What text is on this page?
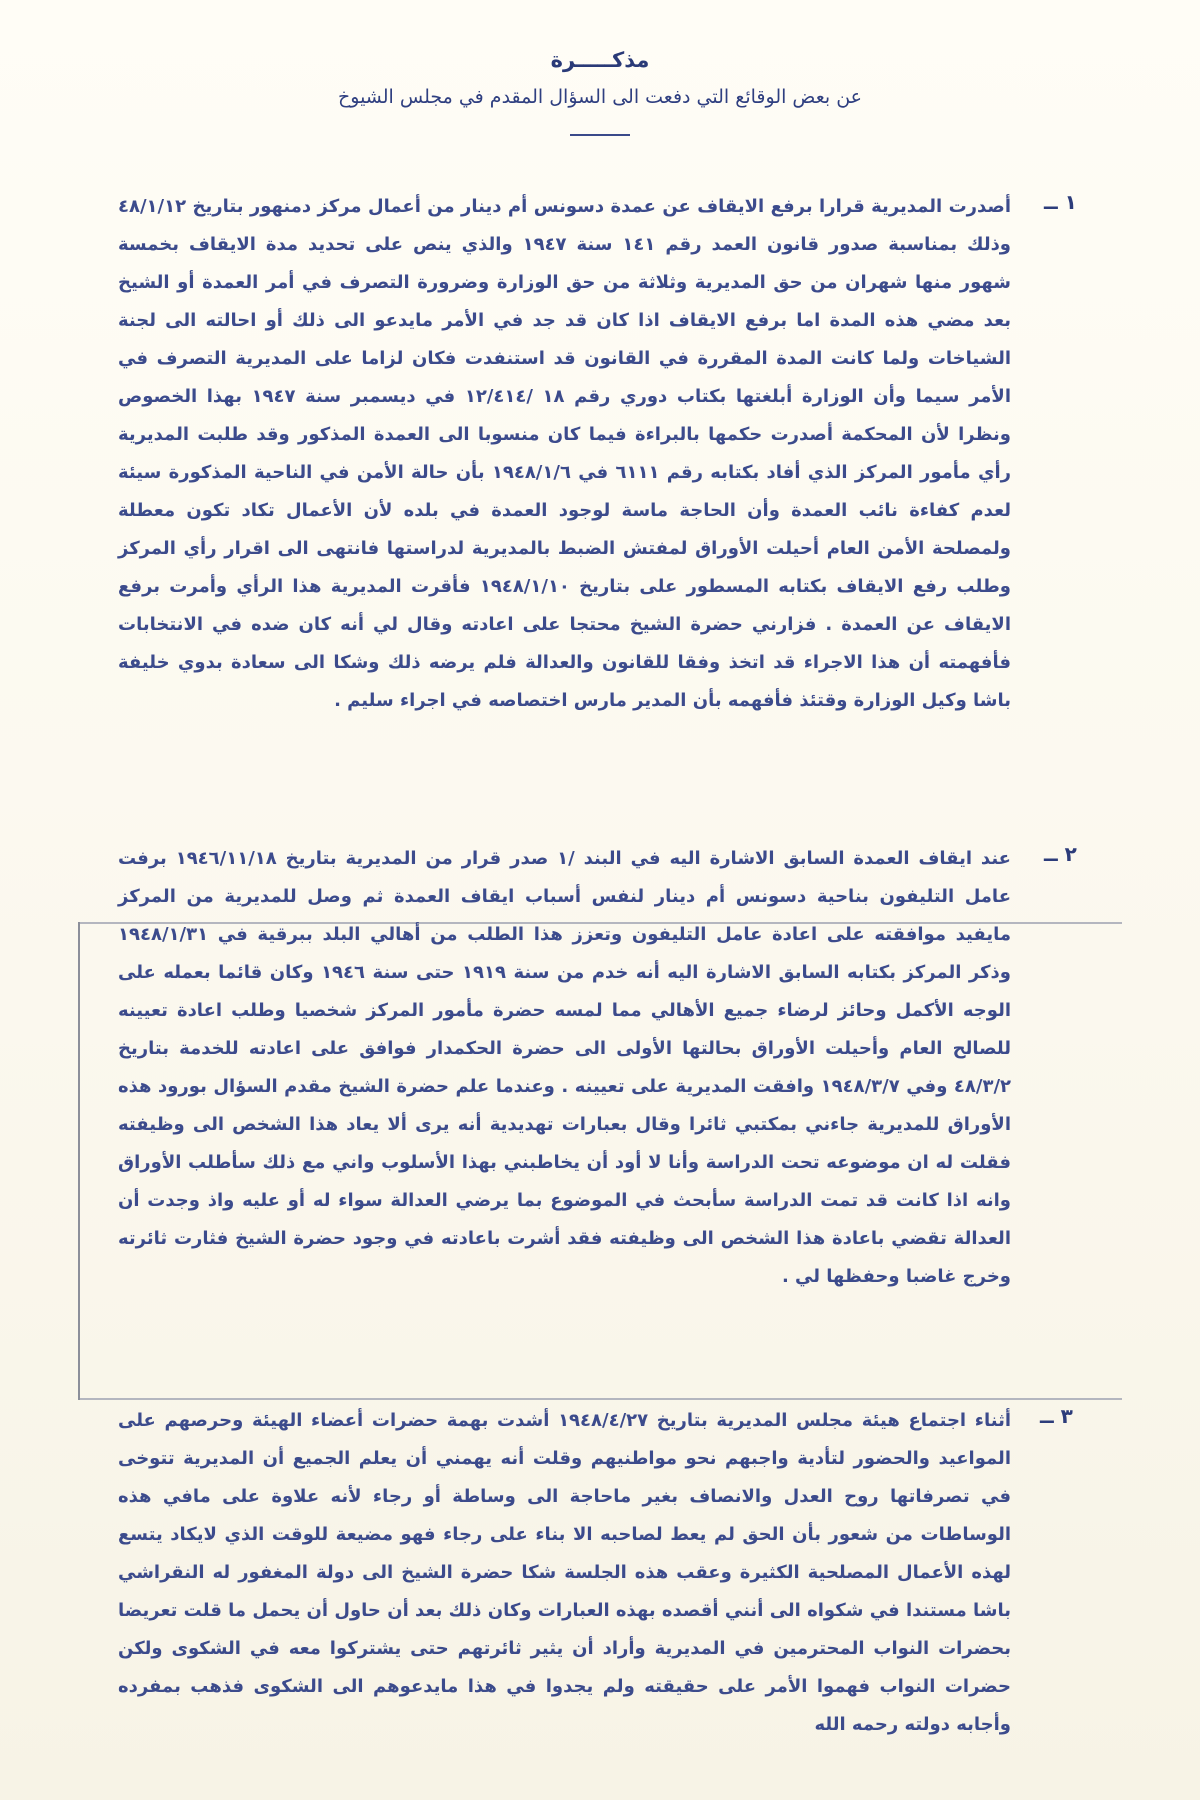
مذكـــــرة
عن بعض الوقائع التي دفعت الى السؤال المقدم في مجلس الشيوخ
١ ــ
أصدرت المديرية قرارا برفع الايقاف عن عمدة دسونس أم دينار من أعمال مركز دمنهور بتاريخ ٤٨/١/١٢ وذلك بمناسبة صدور قانون العمد رقم ١٤١ سنة ١٩٤٧ والذي ينص على تحديد مدة الايقاف بخمسة شهور منها شهران من حق المديرية وثلاثة من حق الوزارة وضرورة التصرف في أمر العمدة أو الشيخ بعد مضي هذه المدة اما برفع الايقاف اذا كان قد جد في الأمر مايدعو الى ذلك أو احالته الى لجنة الشياخات ولما كانت المدة المقررة في القانون قد استنفدت فكان لزاما على المديرية التصرف في الأمر سيما وأن الوزارة أبلغتها بكتاب دوري رقم ١٨ /١٢/٤١٤ في ديسمبر سنة ١٩٤٧ بهذا الخصوص ونظرا لأن المحكمة أصدرت حكمها بالبراءة فيما كان منسوبا الى العمدة المذكور وقد طلبت المديرية رأي مأمور المركز الذي أفاد بكتابه رقم ٦١١١ في ١٩٤٨/١/٦ بأن حالة الأمن في الناحية المذكورة سيئة لعدم كفاءة نائب العمدة وأن الحاجة ماسة لوجود العمدة في بلده لأن الأعمال تكاد تكون معطلة ولمصلحة الأمن العام أحيلت الأوراق لمفتش الضبط بالمديرية لدراستها فانتهى الى اقرار رأي المركز وطلب رفع الايقاف بكتابه المسطور على بتاريخ ١٩٤٨/١/١٠ فأقرت المديرية هذا الرأي وأمرت برفع الايقاف عن العمدة . فزارني حضرة الشيخ محتجا على اعادته وقال لي أنه كان ضده في الانتخابات فأفهمته أن هذا الاجراء قد اتخذ وفقا للقانون والعدالة فلم يرضه ذلك وشكا الى سعادة بدوي خليفة باشا وكيل الوزارة وقتئذ فأفهمه بأن المدير مارس اختصاصه في اجراء سليم .
٢ ــ
عند ايقاف العمدة السابق الاشارة اليه في البند /١ صدر قرار من المديرية بتاريخ ١٩٤٦/١١/١٨ برفت عامل التليفون بناحية دسونس أم دينار لنفس أسباب ايقاف العمدة ثم وصل للمديرية من المركز مايفيد موافقته على اعادة عامل التليفون وتعزز هذا الطلب من أهالي البلد ببرقية في ١٩٤٨/١/٣١ وذكر المركز بكتابه السابق الاشارة اليه أنه خدم من سنة ١٩١٩ حتى سنة ١٩٤٦ وكان قائما بعمله على الوجه الأكمل وحائز لرضاء جميع الأهالي مما لمسه حضرة مأمور المركز شخصيا وطلب اعادة تعيينه للصالح العام وأحيلت الأوراق بحالتها الأولى الى حضرة الحكمدار فوافق على اعادته للخدمة بتاريخ ٤٨/٣/٢ وفي ١٩٤٨/٣/٧ وافقت المديرية على تعيينه . وعندما علم حضرة الشيخ مقدم السؤال بورود هذه الأوراق للمديرية جاءني بمكتبي ثائرا وقال بعبارات تهديدية أنه يرى ألا يعاد هذا الشخص الى وظيفته فقلت له ان موضوعه تحت الدراسة وأنا لا أود أن يخاطبني بهذا الأسلوب واني مع ذلك سأطلب الأوراق وانه اذا كانت قد تمت الدراسة سأبحث في الموضوع بما يرضي العدالة سواء له أو عليه واذ وجدت أن العدالة تقضي باعادة هذا الشخص الى وظيفته فقد أشرت باعادته في وجود حضرة الشيخ فثارت ثائرته وخرج غاضبا وحفظها لي .
٣ ــ
أثناء اجتماع هيئة مجلس المديرية بتاريخ ١٩٤٨/٤/٢٧ أشدت بهمة حضرات أعضاء الهيئة وحرصهم على المواعيد والحضور لتأدية واجبهم نحو مواطنيهم وقلت أنه يهمني أن يعلم الجميع أن المديرية تتوخى في تصرفاتها روح العدل والانصاف بغير ماحاجة الى وساطة أو رجاء لأنه علاوة على مافي هذه الوساطات من شعور بأن الحق لم يعط لصاحبه الا بناء على رجاء فهو مضيعة للوقت الذي لايكاد يتسع لهذه الأعمال المصلحية الكثيرة وعقب هذه الجلسة شكا حضرة الشيخ الى دولة المغفور له النقراشي باشا مستندا في شكواه الى أنني أقصده بهذه العبارات وكان ذلك بعد أن حاول أن يحمل ما قلت تعريضا بحضرات النواب المحترمين في المديرية وأراد أن يثير ثائرتهم حتى يشتركوا معه في الشكوى ولكن حضرات النواب فهموا الأمر على حقيقته ولم يجدوا في هذا مايدعوهم الى الشكوى فذهب بمفرده وأجابه دولته رحمه الله
